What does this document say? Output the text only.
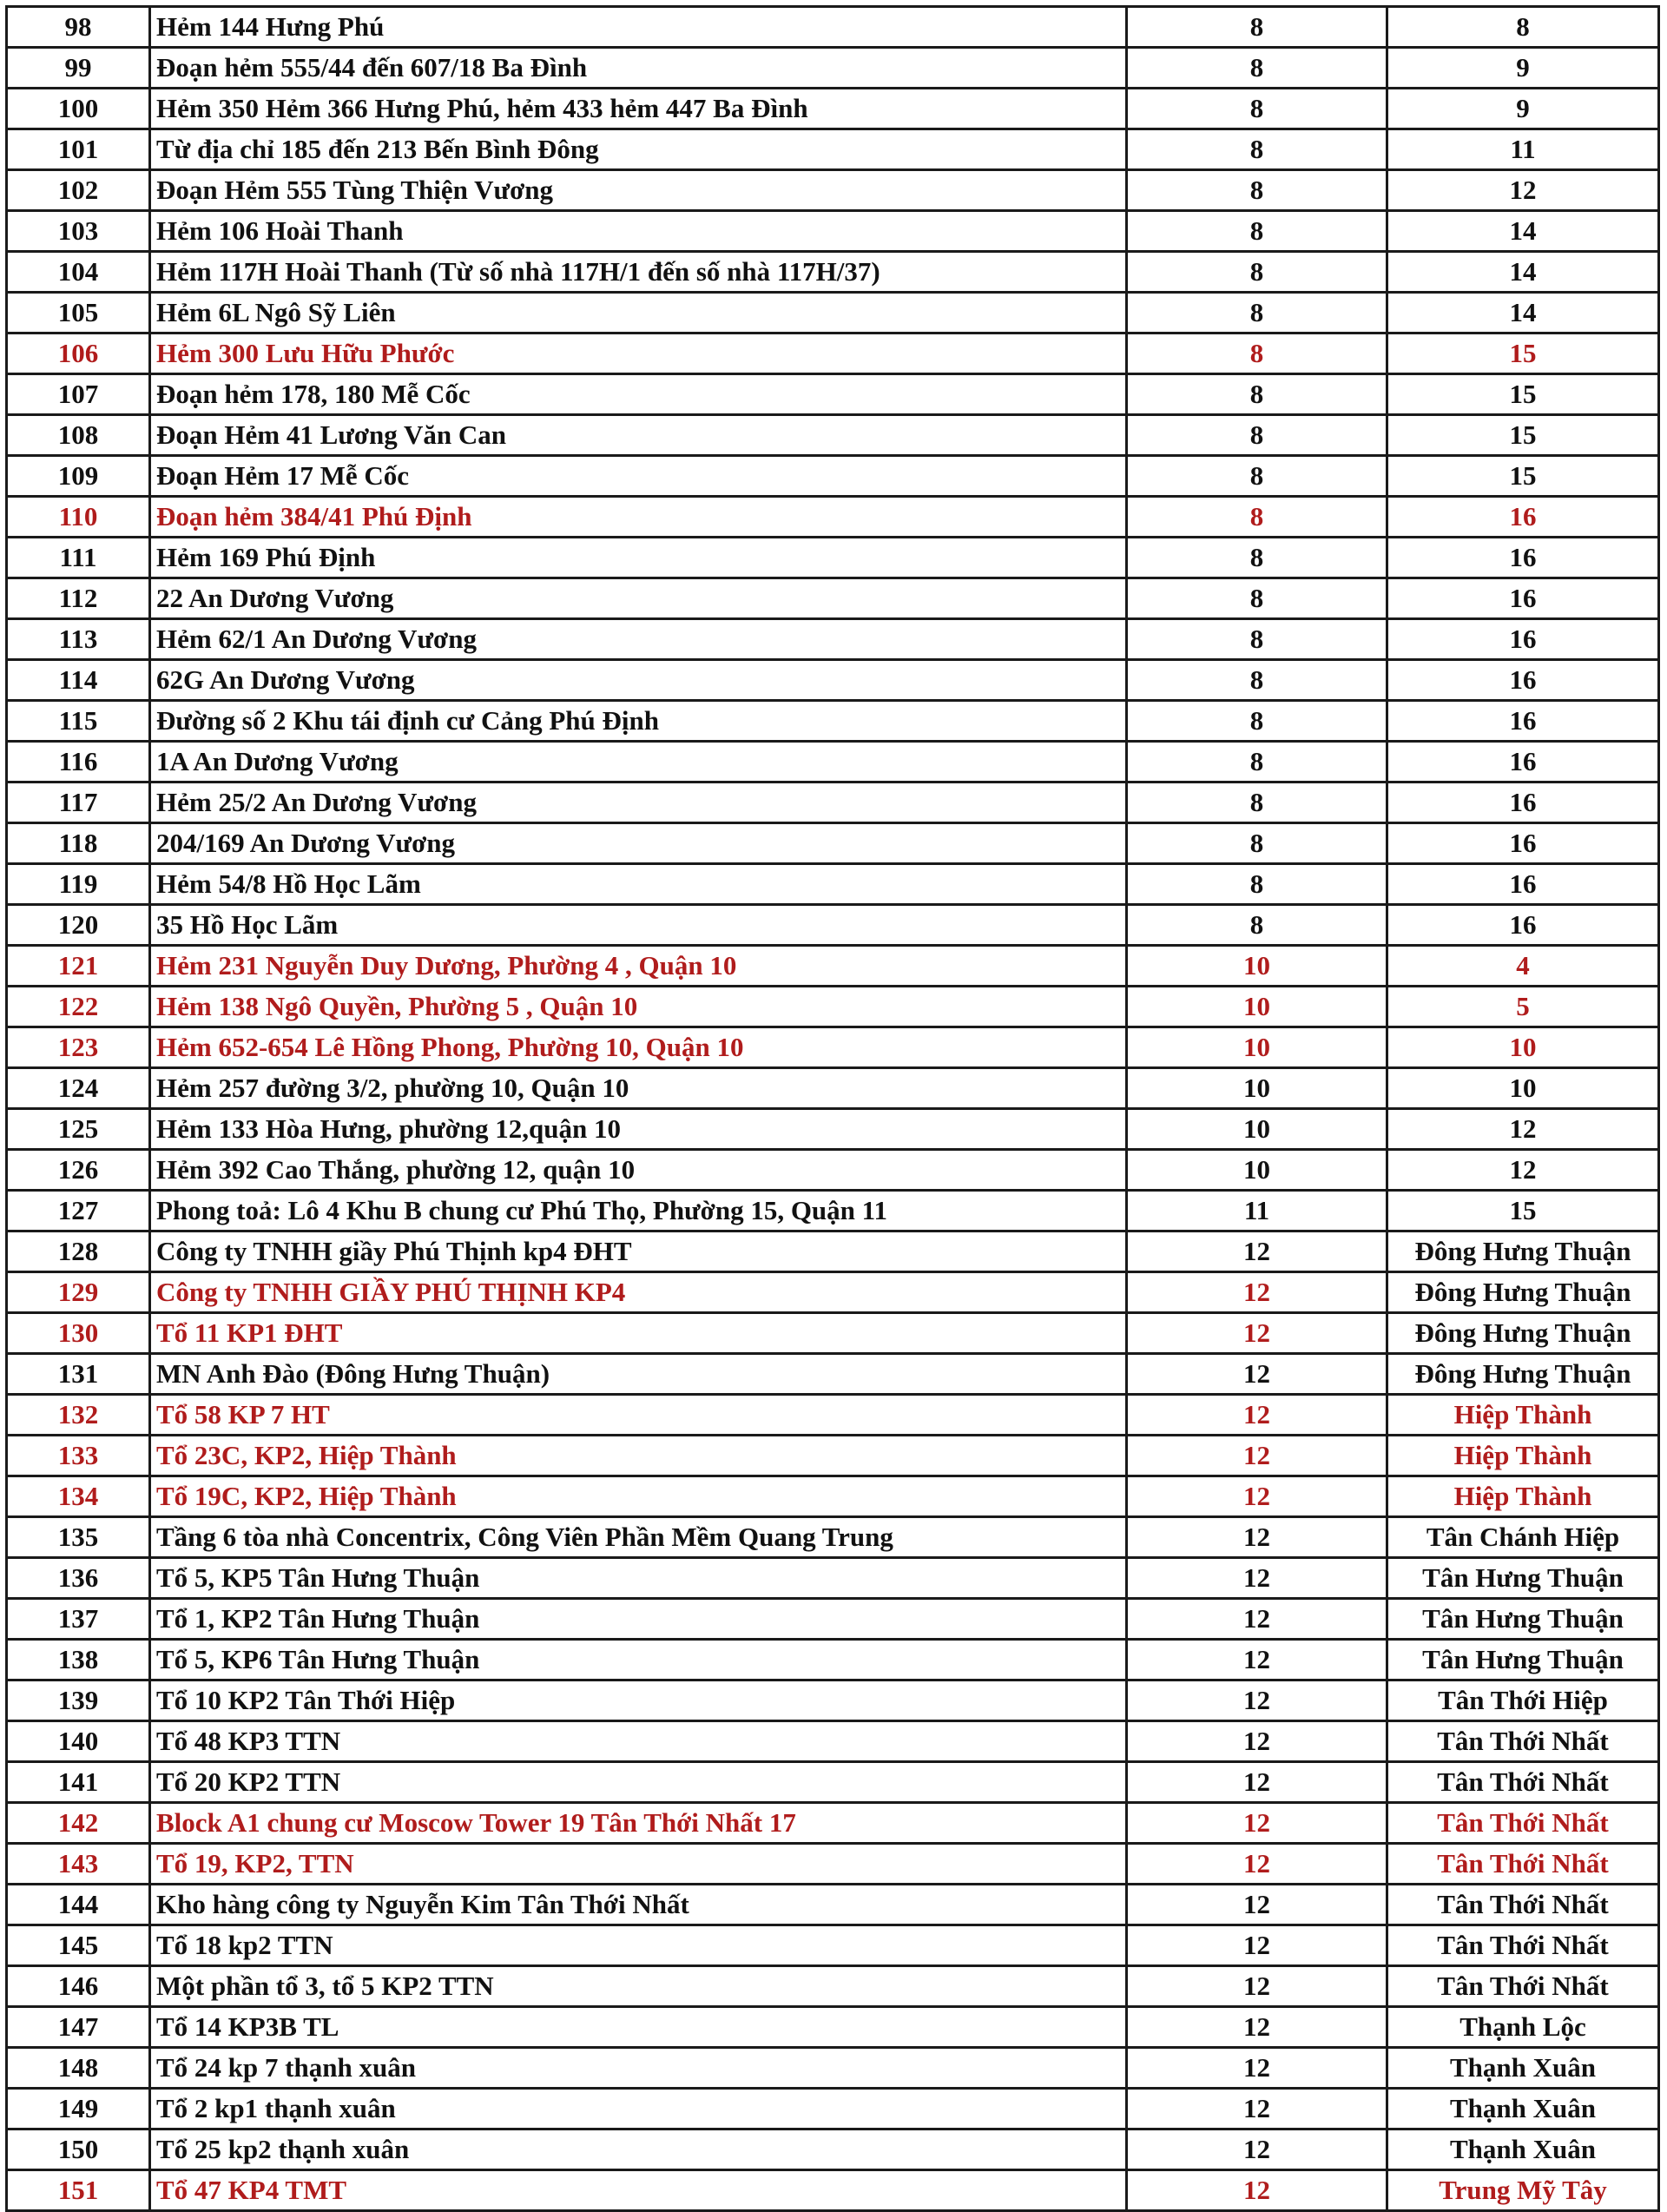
98	Hẻm 144 Hưng Phú	8	8
99	Đoạn hẻm 555/44 đến 607/18 Ba Đình	8	9
100	Hẻm 350 Hẻm 366 Hưng Phú, hẻm 433 hẻm 447 Ba Đình	8	9
101	Từ địa chỉ 185 đến 213 Bến Bình Đông	8	11
102	Đoạn Hẻm 555 Tùng Thiện Vương	8	12
103	Hẻm 106 Hoài Thanh	8	14
104	Hẻm 117H Hoài Thanh (Từ số nhà 117H/1 đến số nhà 117H/37)	8	14
105	Hẻm 6L Ngô Sỹ Liên	8	14
106	Hẻm 300 Lưu Hữu Phước	8	15
107	Đoạn hẻm 178, 180 Mễ Cốc	8	15
108	Đoạn Hẻm 41 Lương Văn Can	8	15
109	Đoạn Hẻm 17 Mễ Cốc	8	15
110	Đoạn hẻm 384/41 Phú Định	8	16
111	Hẻm 169 Phú Định	8	16
112	22 An Dương Vương	8	16
113	Hẻm 62/1 An Dương Vương	8	16
114	62G An Dương Vương	8	16
115	Đường số 2 Khu tái định cư Cảng Phú Định	8	16
116	1A An Dương Vương	8	16
117	Hẻm 25/2 An Dương Vương	8	16
118	204/169 An Dương Vương	8	16
119	Hẻm 54/8 Hồ Học Lãm	8	16
120	35 Hồ Học Lãm	8	16
121	Hẻm 231 Nguyễn Duy Dương, Phường 4 , Quận 10	10	4
122	Hẻm 138 Ngô Quyền, Phường 5 , Quận 10	10	5
123	Hẻm 652-654 Lê Hồng Phong, Phường 10, Quận 10	10	10
124	Hẻm 257 đường 3/2, phường 10, Quận 10	10	10
125	Hẻm 133 Hòa Hưng, phường 12,quận 10	10	12
126	Hẻm 392 Cao Thắng, phường 12, quận 10	10	12
127	Phong toả: Lô 4 Khu B chung cư Phú Thọ, Phường 15, Quận 11	11	15
128	Công ty TNHH giầy Phú Thịnh kp4 ĐHT	12	Đông Hưng Thuận
129	Công ty TNHH GIẦY PHÚ THỊNH KP4	12	Đông Hưng Thuận
130	Tổ 11 KP1 ĐHT	12	Đông Hưng Thuận
131	MN Anh Đào (Đông Hưng Thuận)	12	Đông Hưng Thuận
132	Tổ 58 KP 7 HT	12	Hiệp Thành
133	Tổ 23C, KP2, Hiệp Thành	12	Hiệp Thành
134	Tổ 19C, KP2, Hiệp Thành	12	Hiệp Thành
135	Tầng 6 tòa nhà Concentrix, Công Viên Phần Mềm Quang Trung	12	Tân Chánh Hiệp
136	Tổ 5, KP5 Tân Hưng Thuận	12	Tân Hưng Thuận
137	Tổ 1, KP2 Tân Hưng Thuận	12	Tân Hưng Thuận
138	Tổ 5, KP6 Tân Hưng Thuận	12	Tân Hưng Thuận
139	Tổ 10 KP2 Tân Thới Hiệp	12	Tân Thới Hiệp
140	Tổ 48 KP3 TTN	12	Tân Thới Nhất
141	Tổ 20 KP2 TTN	12	Tân Thới Nhất
142	Block A1 chung cư Moscow Tower 19 Tân Thới Nhất 17	12	Tân Thới Nhất
143	Tổ 19, KP2, TTN	12	Tân Thới Nhất
144	Kho hàng công ty Nguyễn Kim Tân Thới Nhất	12	Tân Thới Nhất
145	Tổ 18 kp2 TTN	12	Tân Thới Nhất
146	Một phần tổ 3, tổ 5 KP2 TTN	12	Tân Thới Nhất
147	Tổ 14 KP3B TL	12	Thạnh Lộc
148	Tổ 24 kp 7 thạnh xuân	12	Thạnh Xuân
149	Tổ 2 kp1 thạnh xuân	12	Thạnh Xuân
150	Tổ 25 kp2 thạnh xuân	12	Thạnh Xuân
151	Tổ 47 KP4 TMT	12	Trung Mỹ Tây
